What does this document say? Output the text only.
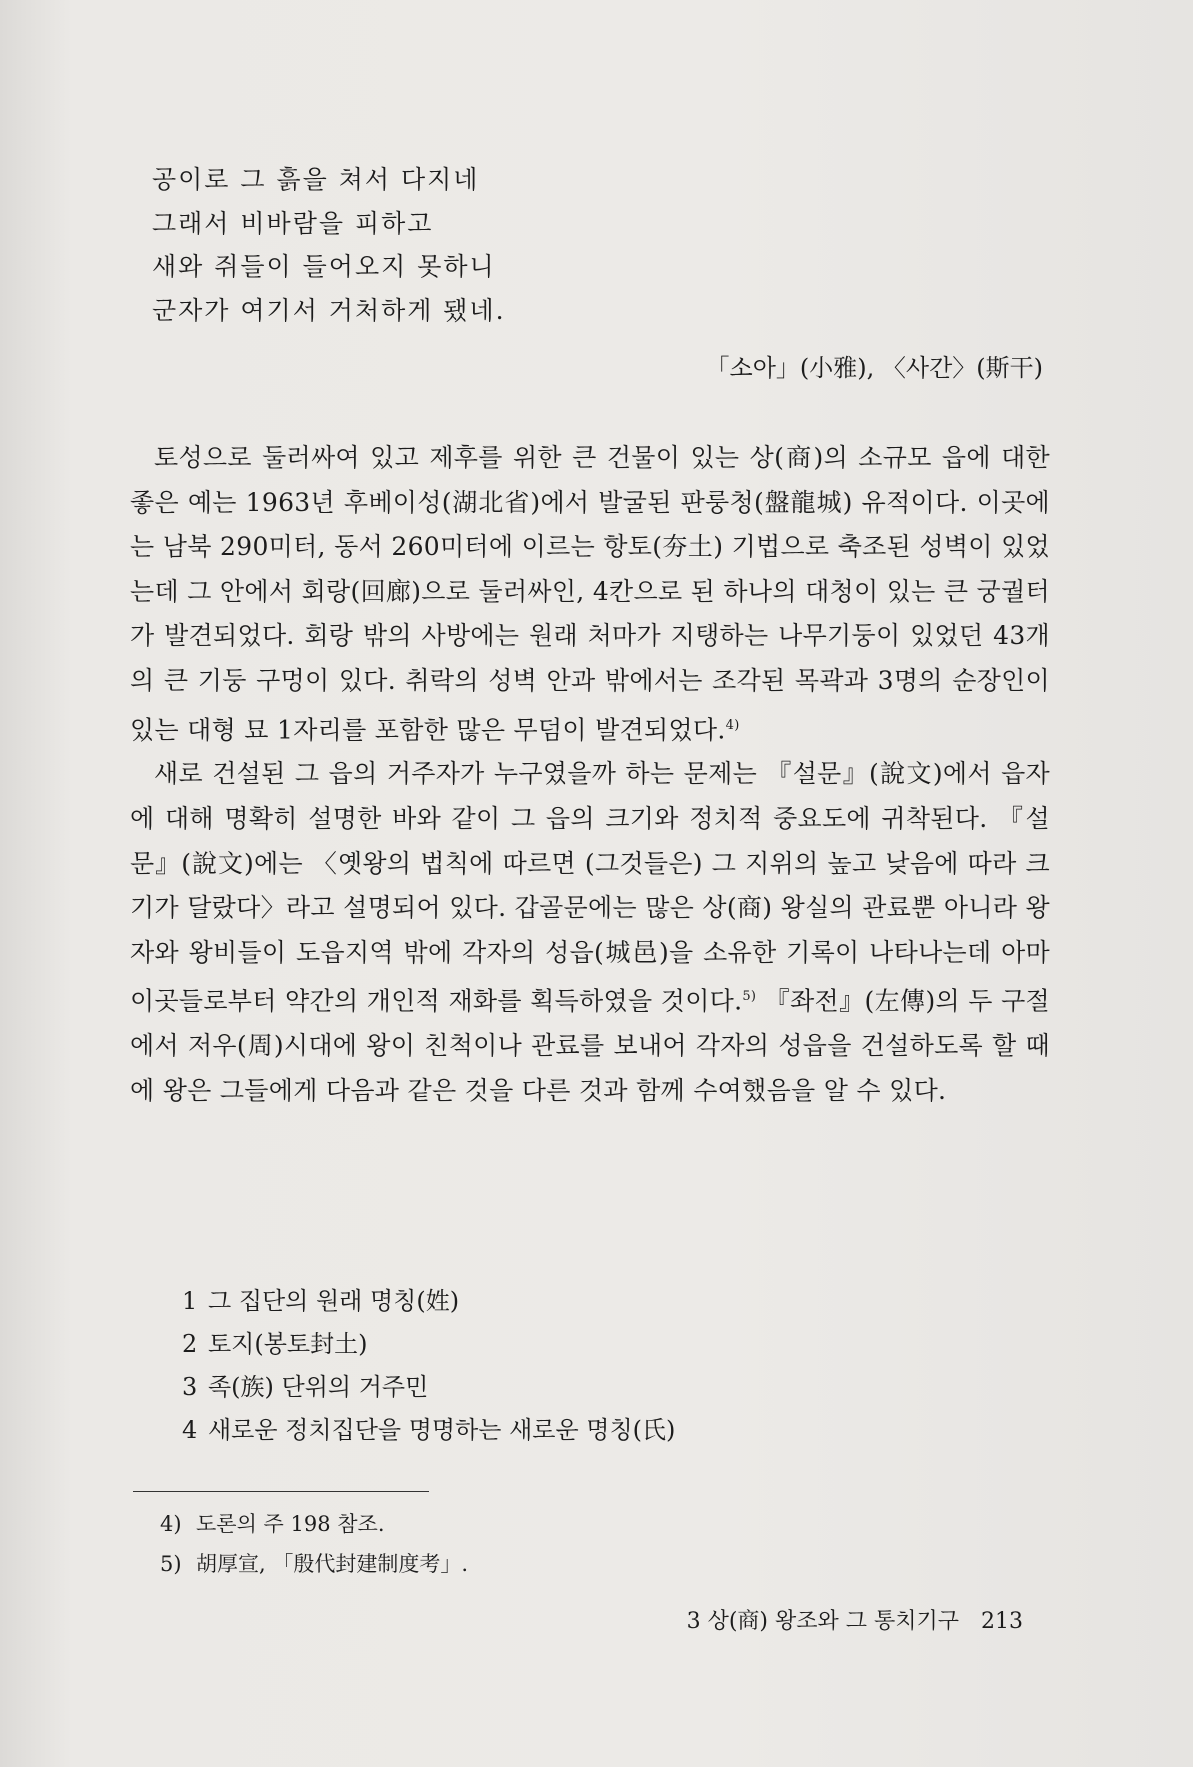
공이로 그 흙을 쳐서 다지네
그래서 비바람을 피하고
새와 쥐들이 들어오지 못하니
군자가 여기서 거처하게 됐네.
「소아」(小雅), 〈사간〉(斯干)

토성으로 둘러싸여 있고 제후를 위한 큰 건물이 있는 상(商)의 소규모 읍에 대한 좋은 예는 1963년 후베이성(湖北省)에서 발굴된 판룽청(盤龍城) 유적이다. 이곳에는 남북 290미터, 동서 260미터에 이르는 항토(夯土) 기법으로 축조된 성벽이 있었는데 그 안에서 회랑(回廊)으로 둘러싸인, 4칸으로 된 하나의 대청이 있는 큰 궁궐터가 발견되었다. 회랑 밖의 사방에는 원래 처마가 지탱하는 나무기둥이 있었던 43개의 큰 기둥 구멍이 있다. 취락의 성벽 안과 밖에서는 조각된 목곽과 3명의 순장인이 있는 대형 묘 1자리를 포함한 많은 무덤이 발견되었다.$^{4)}$

새로 건설된 그 읍의 거주자가 누구였을까 하는 문제는 『설문』(說文)에서 읍자에 대해 명확히 설명한 바와 같이 그 읍의 크기와 정치적 중요도에 귀착된다. 『설문』(說文)에는 〈옛왕의 법칙에 따르면 (그것들은) 그 지위의 높고 낮음에 따라 크기가 달랐다〉라고 설명되어 있다. 갑골문에는 많은 상(商) 왕실의 관료뿐 아니라 왕자와 왕비들이 도읍지역 밖에 각자의 성읍(城邑)을 소유한 기록이 나타나는데 아마 이곳들로부터 약간의 개인적 재화를 획득하였을 것이다.$^{5)}$ 『좌전』(左傳)의 두 구절에서 저우(周)시대에 왕이 친척이나 관료를 보내어 각자의 성읍을 건설하도록 할 때에 왕은 그들에게 다음과 같은 것을 다른 것과 함께 수여했음을 알 수 있다.

1 그 집단의 원래 명칭(姓)
2 토지(봉토封土)
3 족(族) 단위의 거주민
4 새로운 정치집단을 명명하는 새로운 명칭(氏)
4) 도론의 주 198 참조.
5) 胡厚宣, 「殷代封建制度考」.
3 상(商) 왕조와 그 통치기구 213
